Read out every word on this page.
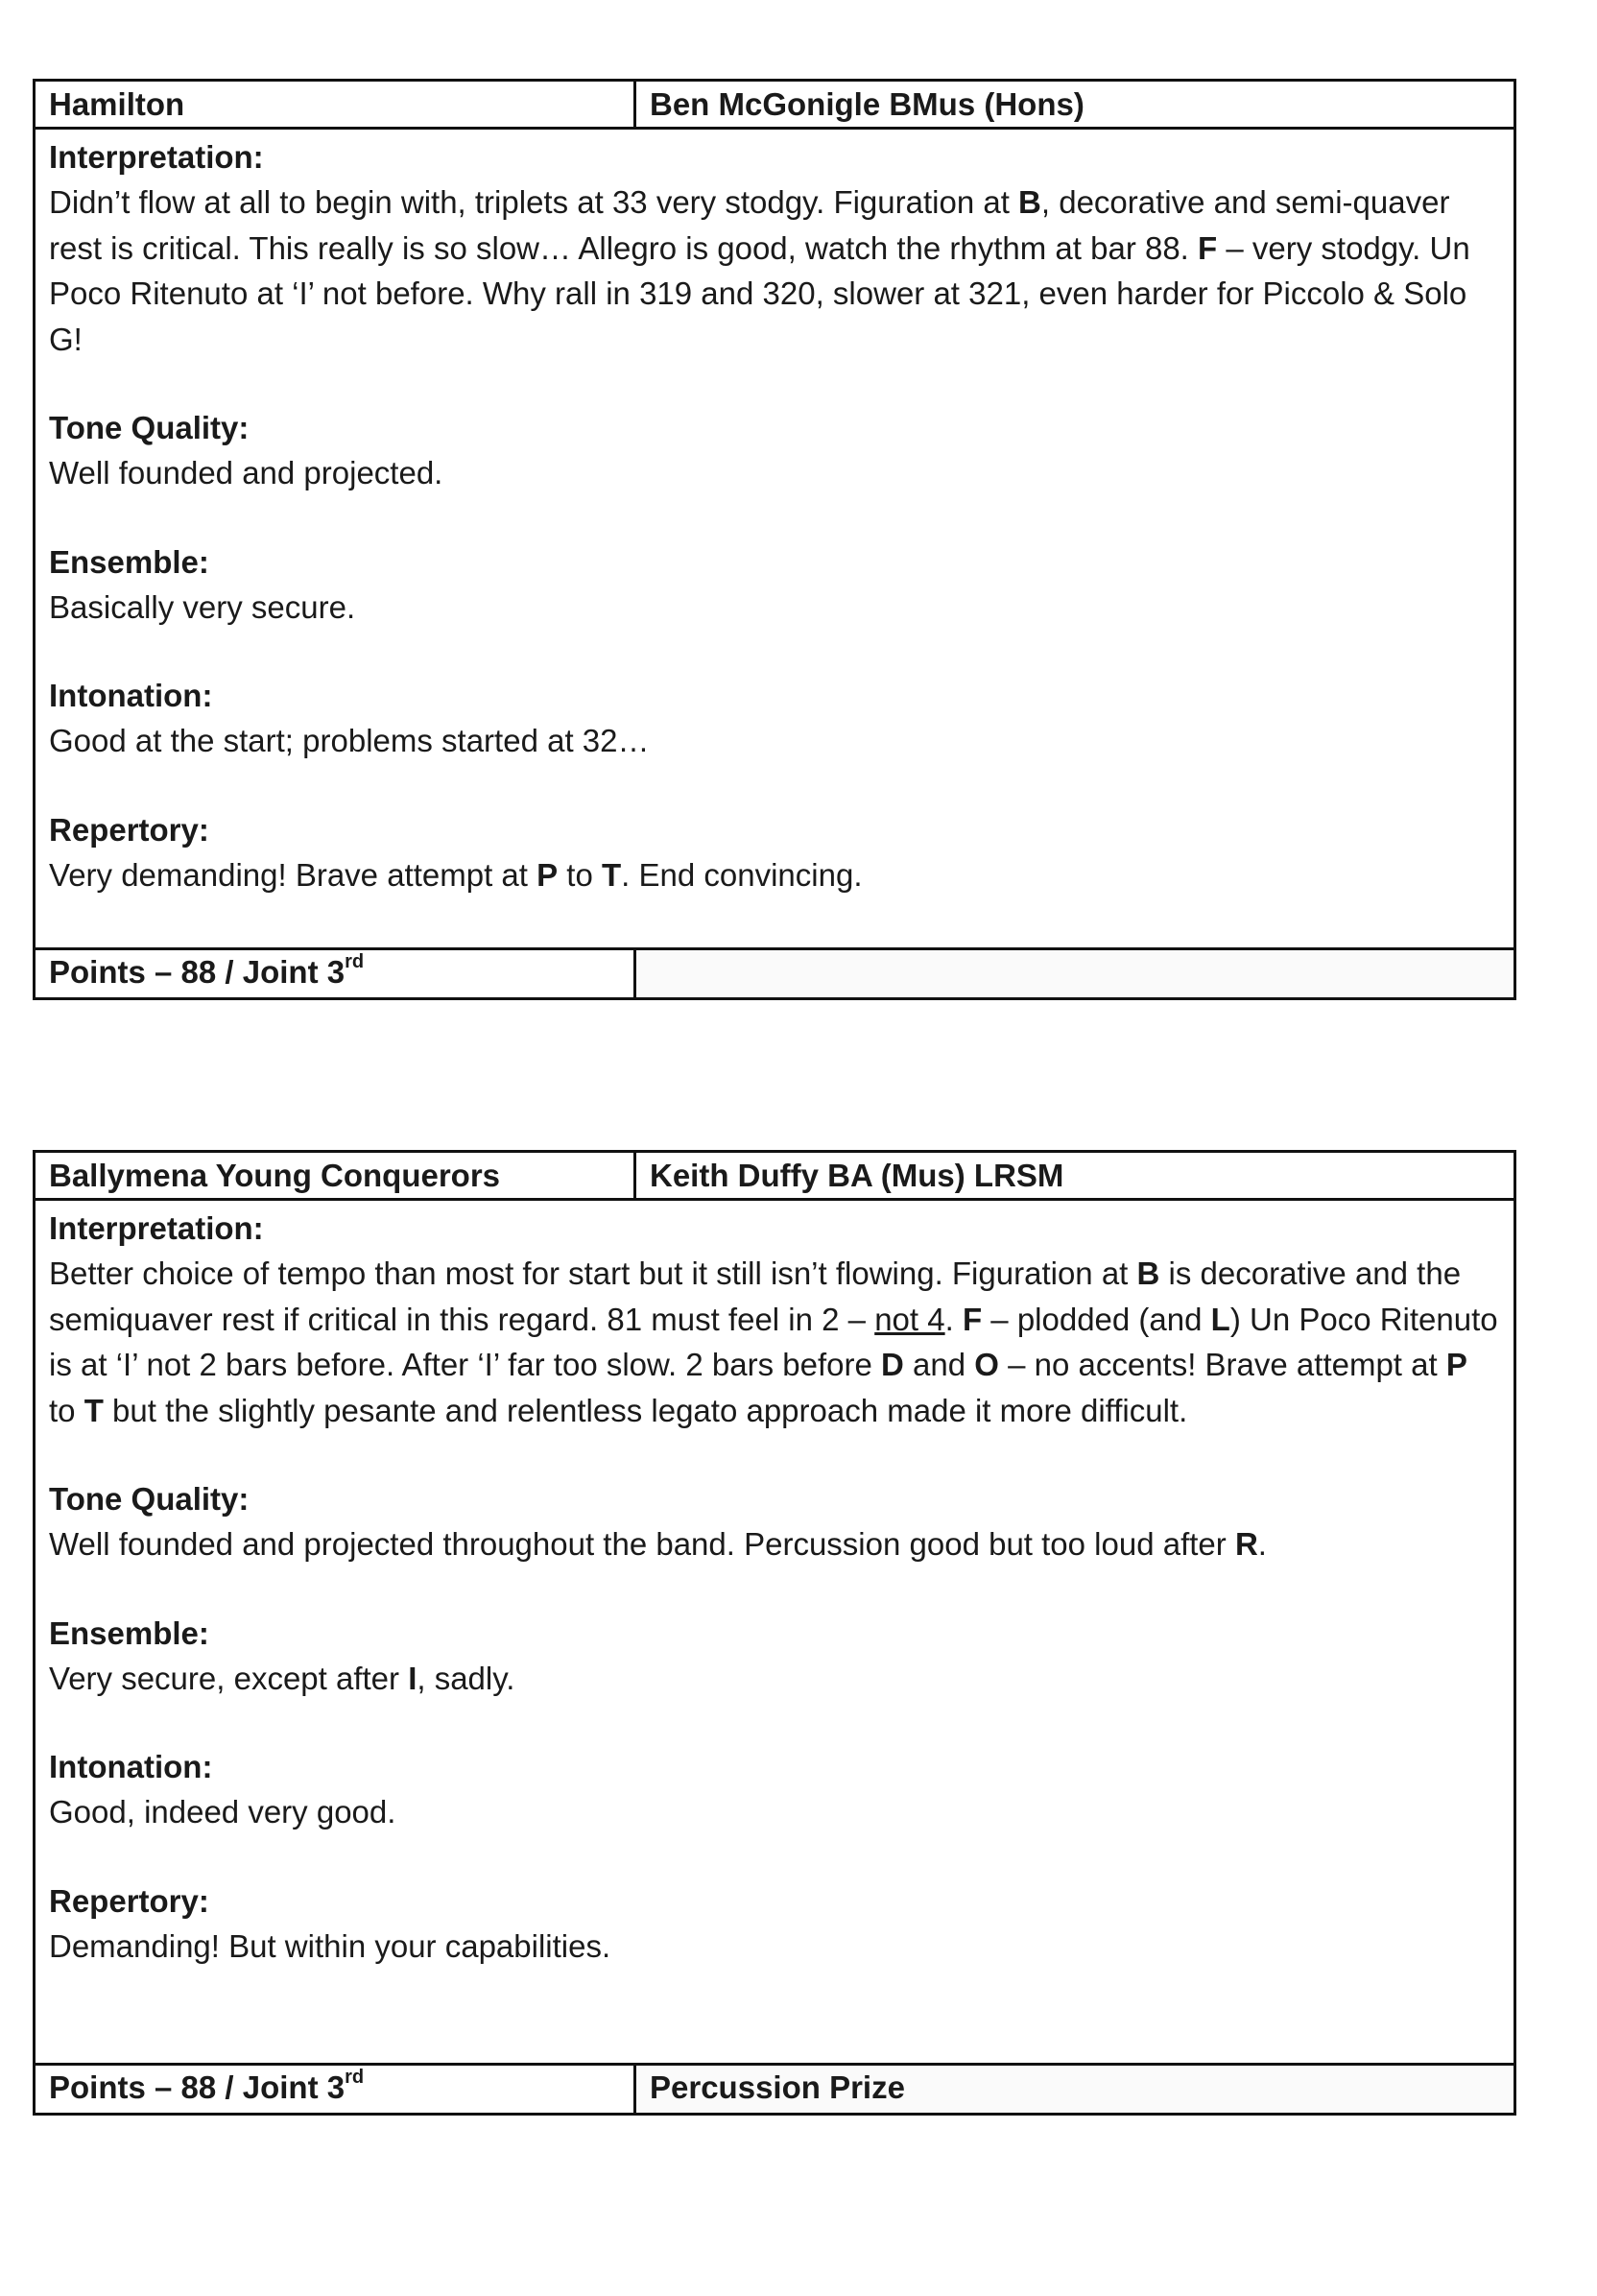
Hamilton	Ben McGonigle BMus (Hons)

Interpretation:

Didn’t flow at all to begin with, triplets at 33 very stodgy. Figuration at B, decorative and semi-quaver rest is critical. This really is so slow… Allegro is good, watch the rhythm at bar 88. F – very stodgy. Un Poco Ritenuto at ‘I’ not before. Why rall in 319 and 320, slower at 321, even harder for Piccolo & Solo G!

Tone Quality:

Well founded and projected.

Ensemble:

Basically very secure.

Intonation:

Good at the start; problems started at 32…

Repertory:

Very demanding! Brave attempt at P to T. End convincing.

Points – 88 / Joint 3rd
Ballymena Young Conquerors	Keith Duffy BA (Mus) LRSM

Interpretation:

Better choice of tempo than most for start but it still isn’t flowing. Figuration at B is decorative and the semiquaver rest if critical in this regard. 81 must feel in 2 – not 4. F – plodded (and L) Un Poco Ritenuto is at ‘I’ not 2 bars before. After ‘I’ far too slow. 2 bars before D and O – no accents! Brave attempt at P to T but the slightly pesante and relentless legato approach made it more difficult.

Tone Quality:

Well founded and projected throughout the band. Percussion good but too loud after R.

Ensemble:

Very secure, except after I, sadly.

Intonation:

Good, indeed very good.

Repertory:

Demanding! But within your capabilities.

Points – 88 / Joint 3rd	Percussion Prize
